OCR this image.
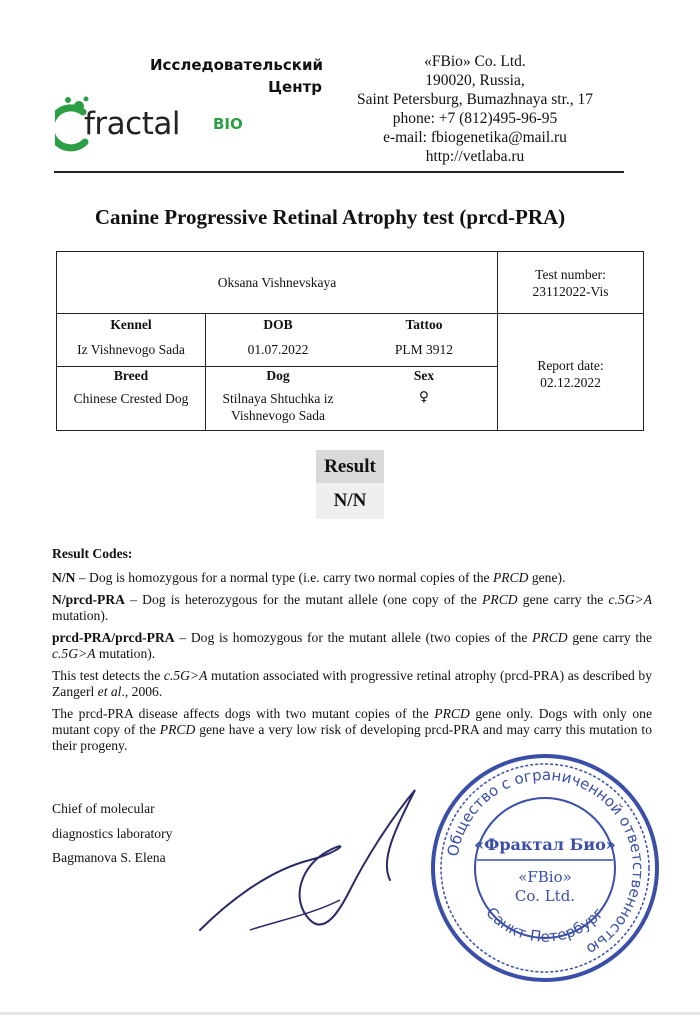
Исследовательский
Центр
fractal BIO
«FBio» Co. Ltd.
190020, Russia,
Saint Petersburg, Bumazhnaya str., 17
phone: +7 (812)495-96-95
e-mail: fbiogenetika@mail.ru
http://vetlaba.ru
Canine Progressive Retinal Atrophy test (prcd-PRA)
Oksana Vishnevskaya
Test number:
23112022-Vis
Kennel
Iz Vishnevogo Sada
DOB
01.07.2022
Tattoo
PLM 3912
Report date:
02.12.2022
Breed
Chinese Crested Dog
Dog
Stilnaya Shtuchka iz
Vishnevogo Sada
Sex
♀
Result
N/N

Result Codes:

N/N – Dog is homozygous for a normal type (i.e. carry two normal copies of the PRCD gene).

N/prcd-PRA – Dog is heterozygous for the mutant allele (one copy of the PRCD gene carry the c.5G>A mutation).

prcd-PRA/prcd-PRA – Dog is homozygous for the mutant allele (two copies of the PRCD gene carry the c.5G>A mutation).

This test detects the c.5G>A mutation associated with progressive retinal atrophy (prcd-PRA) as described by Zangerl et al., 2006.

The prcd-PRA disease affects dogs with two mutant copies of the PRCD gene only. Dogs with only one mutant copy of the PRCD gene have a very low risk of developing prcd-PRA and may carry this mutation to their progeny.

Chief of molecular
diagnostics laboratory
Bagmanova S. Elena	Общество с ограниченной ответственностью
Санкт-Петербург
«Фрактал Био»
«FBio»
Co. Ltd.
